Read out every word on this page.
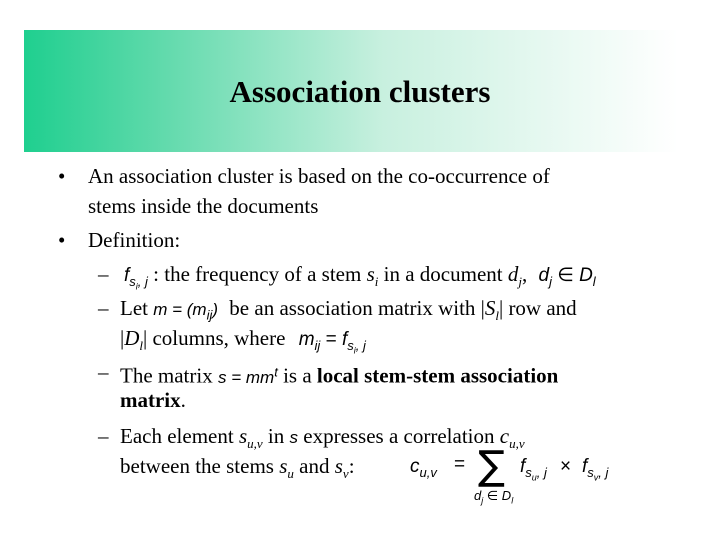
Association clusters
• An association cluster is based on the co-occurrence of
stems inside the documents
• Definition:
– $f_{s_i, j}$ : the frequency of a stem $s_i$ in a document $d_j$, $d_j$ ∈ $D_l$
– Let $m = (m_{ij})$ be an association matrix with $|S_l|$ row and
$|D_l|$ columns, where $m_{ij} = f_{s_i, j}$
– The matrix $s = mm^t$ is a local stem-stem association
matrix.
– Each element $s_{u,v}$ in s expresses a correlation $c_{u,v}$
between the stems $s_u$ and $s_v$:	$c_{u,v}$ = ∑
$d_j$ ∈ $D_l$
$f_{s_u, j} \times f_{s_v, j}$
